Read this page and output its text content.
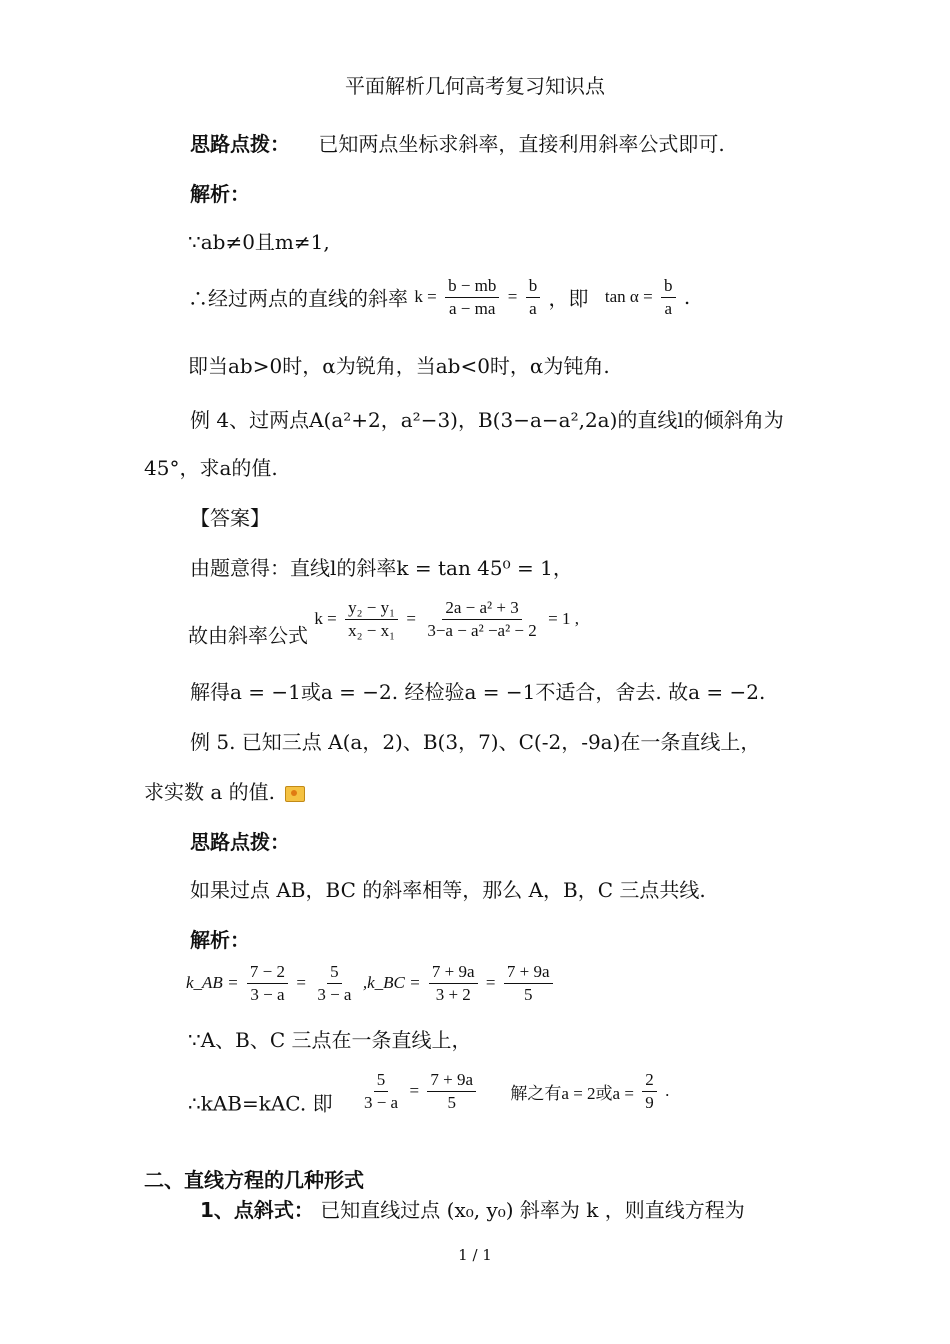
平面解析几何高考复习知识点
思路点拨： 已知两点坐标求斜率，直接利用斜率公式即可.
解析：
∵ab≠0且m≠1,
∴经过两点的直线的斜率 $k = \frac{b - mb}{a - ma} = \frac{b}{a}$ ，即 $\tan \alpha = \frac{b}{a}$ .
即当ab>0时，α为锐角，当ab<0时，α为钝角.
例 4、过两点A(a²+2，a²−3)，B(3−a−a²,2a)的直线l的倾斜角为
45°，求a的值.
【答案】
由题意得：直线l的斜率k = tan 45⁰ = 1，
故由斜率公式 $k = \frac{\text{y₂ − y₁}}{\text{x₂ − x₁}} = \frac{\text{2a − a² + 3}}{\text{3−a − a² −a² − 2}} = 1$ ,
解得a = −1或a = −2. 经检验a = −1不适合，舍去. 故a = −2.
例 5. 已知三点 A(a，2)、B(3，7)、C(-2，-9a)在一条直线上，
求实数 a 的值.
思路点拨：
如果过点 AB，BC 的斜率相等，那么 A，B，C 三点共线.
解析：
k_AB = $\frac{7 - 2}{3 - a} = \frac{5}{3 - a}$ ,k_BC = $\frac{7 + 9a}{3 + 2} = \frac{7 + 9a}{5}$
∵A、B、C 三点在一条直线上，
∴kAB=kAC. 即 $\frac{5}{3 - a} = \frac{7 + 9a}{5}$ 解之有a = 2或$a = \frac{2}{9}$ .
二、直线方程的几种形式
1、点斜式： 已知直线过点 (x₀, y₀) 斜率为 k ，则直线方程为
1 / 1
